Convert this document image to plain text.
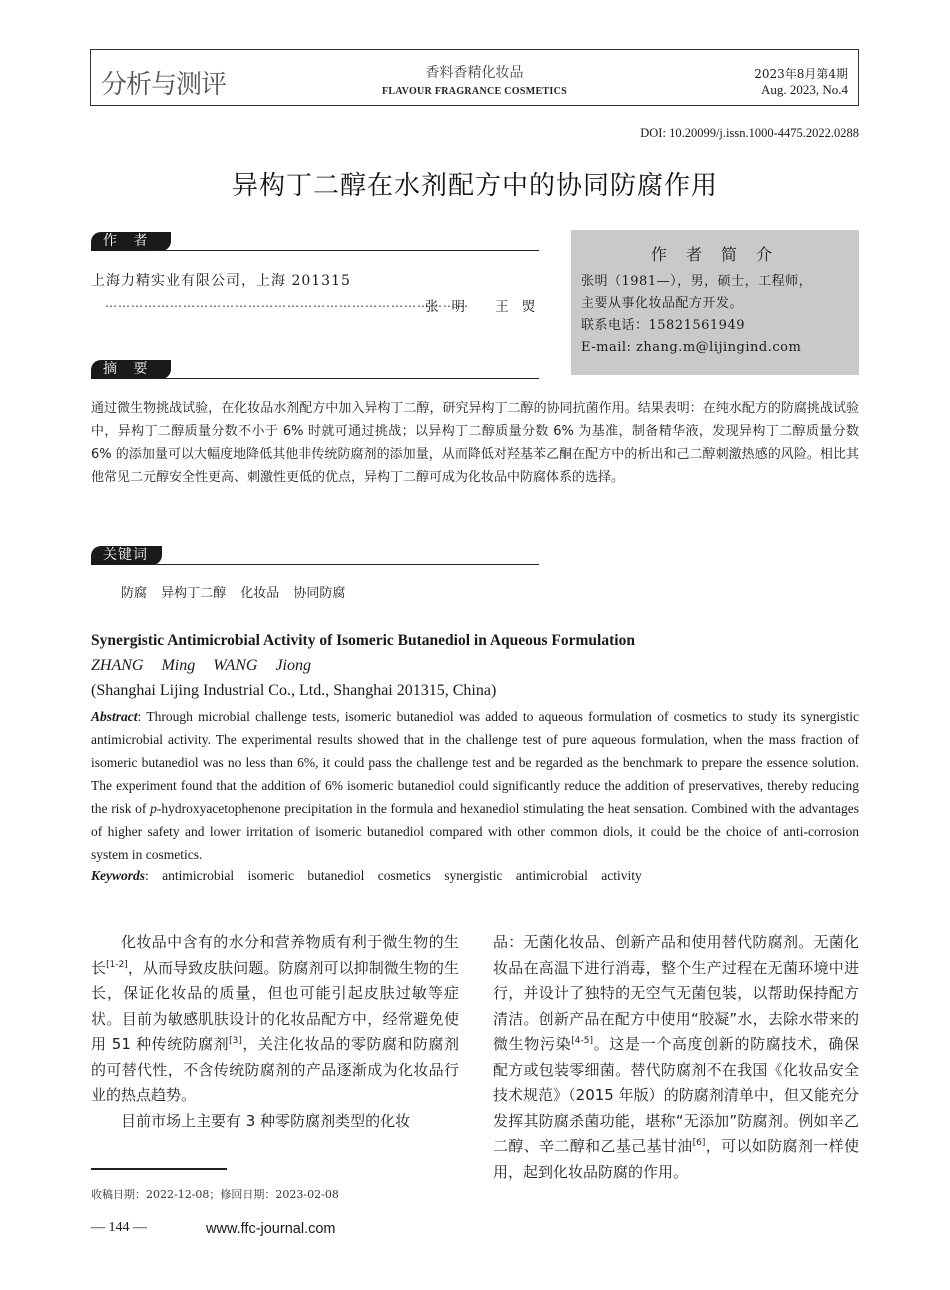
分析与测评	香料香精化妆品
FLAVOUR FRAGRANCE COSMETICS
2023年8月第4期
Aug. 2023, No.4
DOI: 10.20099/j.issn.1000-4475.2022.0288
异构丁二醇在水剂配方中的协同防腐作用
作 者
上海力精实业有限公司，上海 201315
…………………………………………………………………………
张明 王焽
作 者 简 介
张明（1981—），男，硕士，工程师，
主要从事化妆品配方开发。
联系电话：15821561949
E-mail: zhang.m@lijingind.com
摘 要
通过微生物挑战试验，在化妆品水剂配方中加入异构丁二醇，研究异构丁二醇的协同抗菌作用。结果表明：在纯水配方的防腐挑战试验中，异构丁二醇质量分数不小于 6% 时就可通过挑战；以异构丁二醇质量分数 6% 为基准，制备精华液，发现异构丁二醇质量分数 6% 的添加量可以大幅度地降低其他非传统防腐剂的添加量，从而降低对羟基苯乙酮在配方中的析出和己二醇刺激热感的风险。相比其他常见二元醇安全性更高、刺激性更低的优点，异构丁二醇可成为化妆品中防腐体系的选择。
关键词
防腐 异构丁二醇 化妆品 协同防腐
Synergistic Antimicrobial Activity of Isomeric Butanediol in Aqueous Formulation
ZHANG Ming WANG Jiong
(Shanghai Lijing Industrial Co., Ltd., Shanghai 201315, China)
Abstract: Through microbial challenge tests, isomeric butanediol was added to aqueous formulation of cosmetics to study its synergistic antimicrobial activity. The experimental results showed that in the challenge test of pure aqueous formulation, when the mass fraction of isomeric butanediol was no less than 6%, it could pass the challenge test and be regarded as the benchmark to prepare the essence solution. The experiment found that the addition of 6% isomeric butanediol could significantly reduce the addition of preservatives, thereby reducing the risk of p-hydroxyacetophenone precipitation in the formula and hexanediol stimulating the heat sensation. Combined with the advantages of higher safety and lower irritation of isomeric butanediol compared with other common diols, it could be the choice of anti-corrosion system in cosmetics.
Keywords: antimicrobial isomeric butanediol cosmetics synergistic antimicrobial activity
化妆品中含有的水分和营养物质有利于微生物的生长[1-2]，从而导致皮肤问题。防腐剂可以抑制微生物的生长，保证化妆品的质量，但也可能引起皮肤过敏等症状。目前为敏感肌肤设计的化妆品配方中，经常避免使用 51 种传统防腐剂[3]，关注化妆品的零防腐和防腐剂的可替代性，不含传统防腐剂的产品逐渐成为化妆品行业的热点趋势。
目前市场上主要有 3 种零防腐剂类型的化妆
品：无菌化妆品、创新产品和使用替代防腐剂。无菌化妆品在高温下进行消毒，整个生产过程在无菌环境中进行，并设计了独特的无空气无菌包装，以帮助保持配方清洁。创新产品在配方中使用“胶凝”水，去除水带来的微生物污染[4-5]。这是一个高度创新的防腐技术，确保配方或包装零细菌。替代防腐剂不在我国《化妆品安全技术规范》（2015 年版）的防腐剂清单中，但又能充分发挥其防腐杀菌功能，堪称“无添加”防腐剂。例如辛乙二醇、辛二醇和乙基己基甘油[6]，可以如防腐剂一样使用，起到化妆品防腐的作用。
收稿日期：2022-12-08；修回日期：2023-02-08
— 144 —	www.ffc-journal.com
